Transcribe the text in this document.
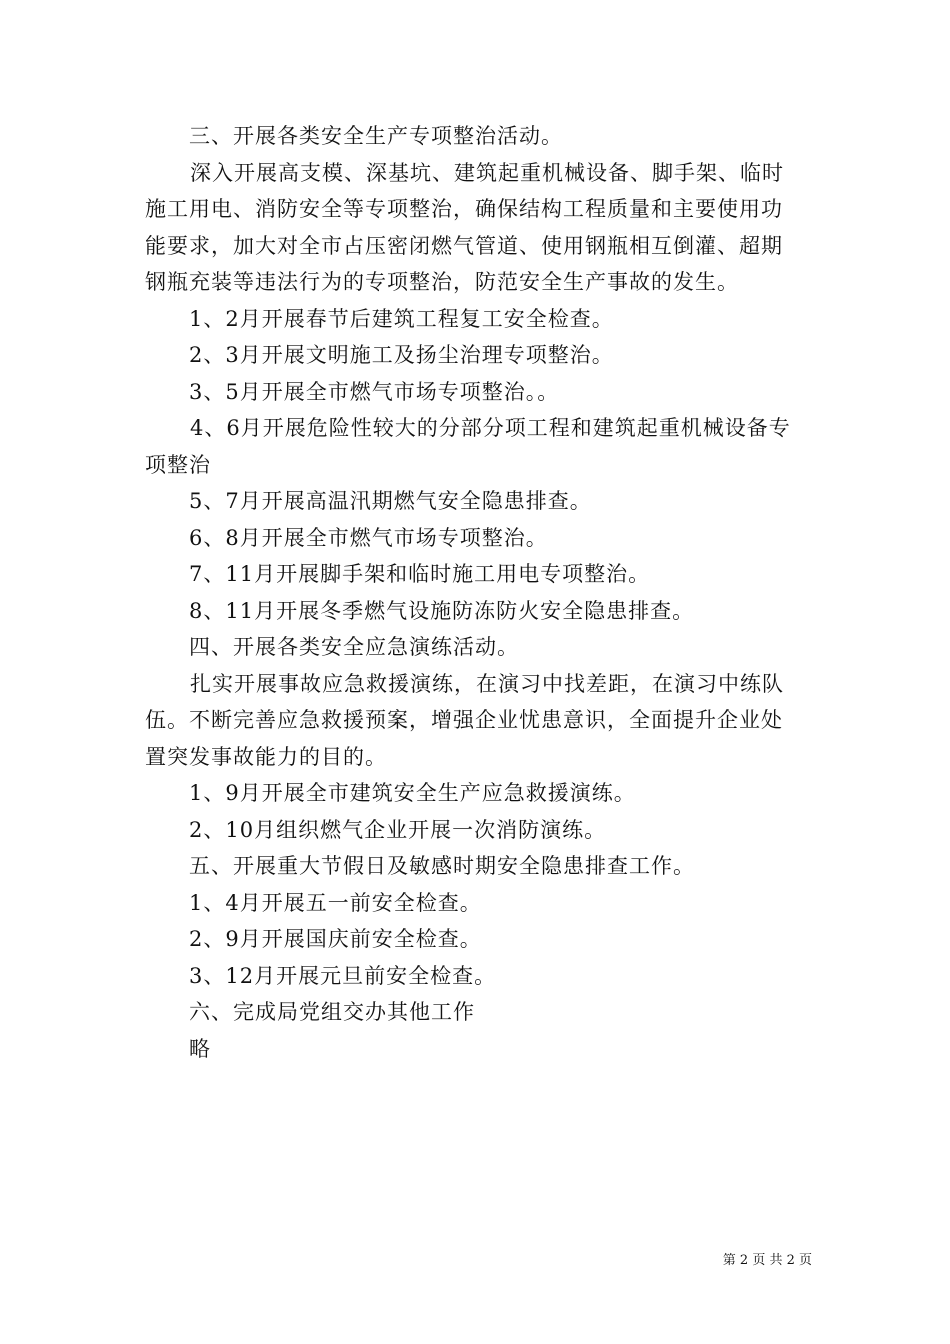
三、开展各类安全生产专项整治活动。
深入开展高支模、深基坑、建筑起重机械设备、脚手架、临时
施工用电、消防安全等专项整治，确保结构工程质量和主要使用功
能要求，加大对全市占压密闭燃气管道、使用钢瓶相互倒灌、超期
钢瓶充装等违法行为的专项整治，防范安全生产事故的发生。
1、2月开展春节后建筑工程复工安全检查。
2、3月开展文明施工及扬尘治理专项整治。
3、5月开展全市燃气市场专项整治。。
4、6月开展危险性较大的分部分项工程和建筑起重机械设备专
项整治
5、7月开展高温汛期燃气安全隐患排查。
6、8月开展全市燃气市场专项整治。
7、11月开展脚手架和临时施工用电专项整治。
8、11月开展冬季燃气设施防冻防火安全隐患排查。
四、开展各类安全应急演练活动。
扎实开展事故应急救援演练，在演习中找差距，在演习中练队
伍。不断完善应急救援预案，增强企业忧患意识，全面提升企业处
置突发事故能力的目的。
1、9月开展全市建筑安全生产应急救援演练。
2、10月组织燃气企业开展一次消防演练。
五、开展重大节假日及敏感时期安全隐患排查工作。
1、4月开展五一前安全检查。
2、9月开展国庆前安全检查。
3、12月开展元旦前安全检查。
六、完成局党组交办其他工作
略
第 2 页 共 2 页
